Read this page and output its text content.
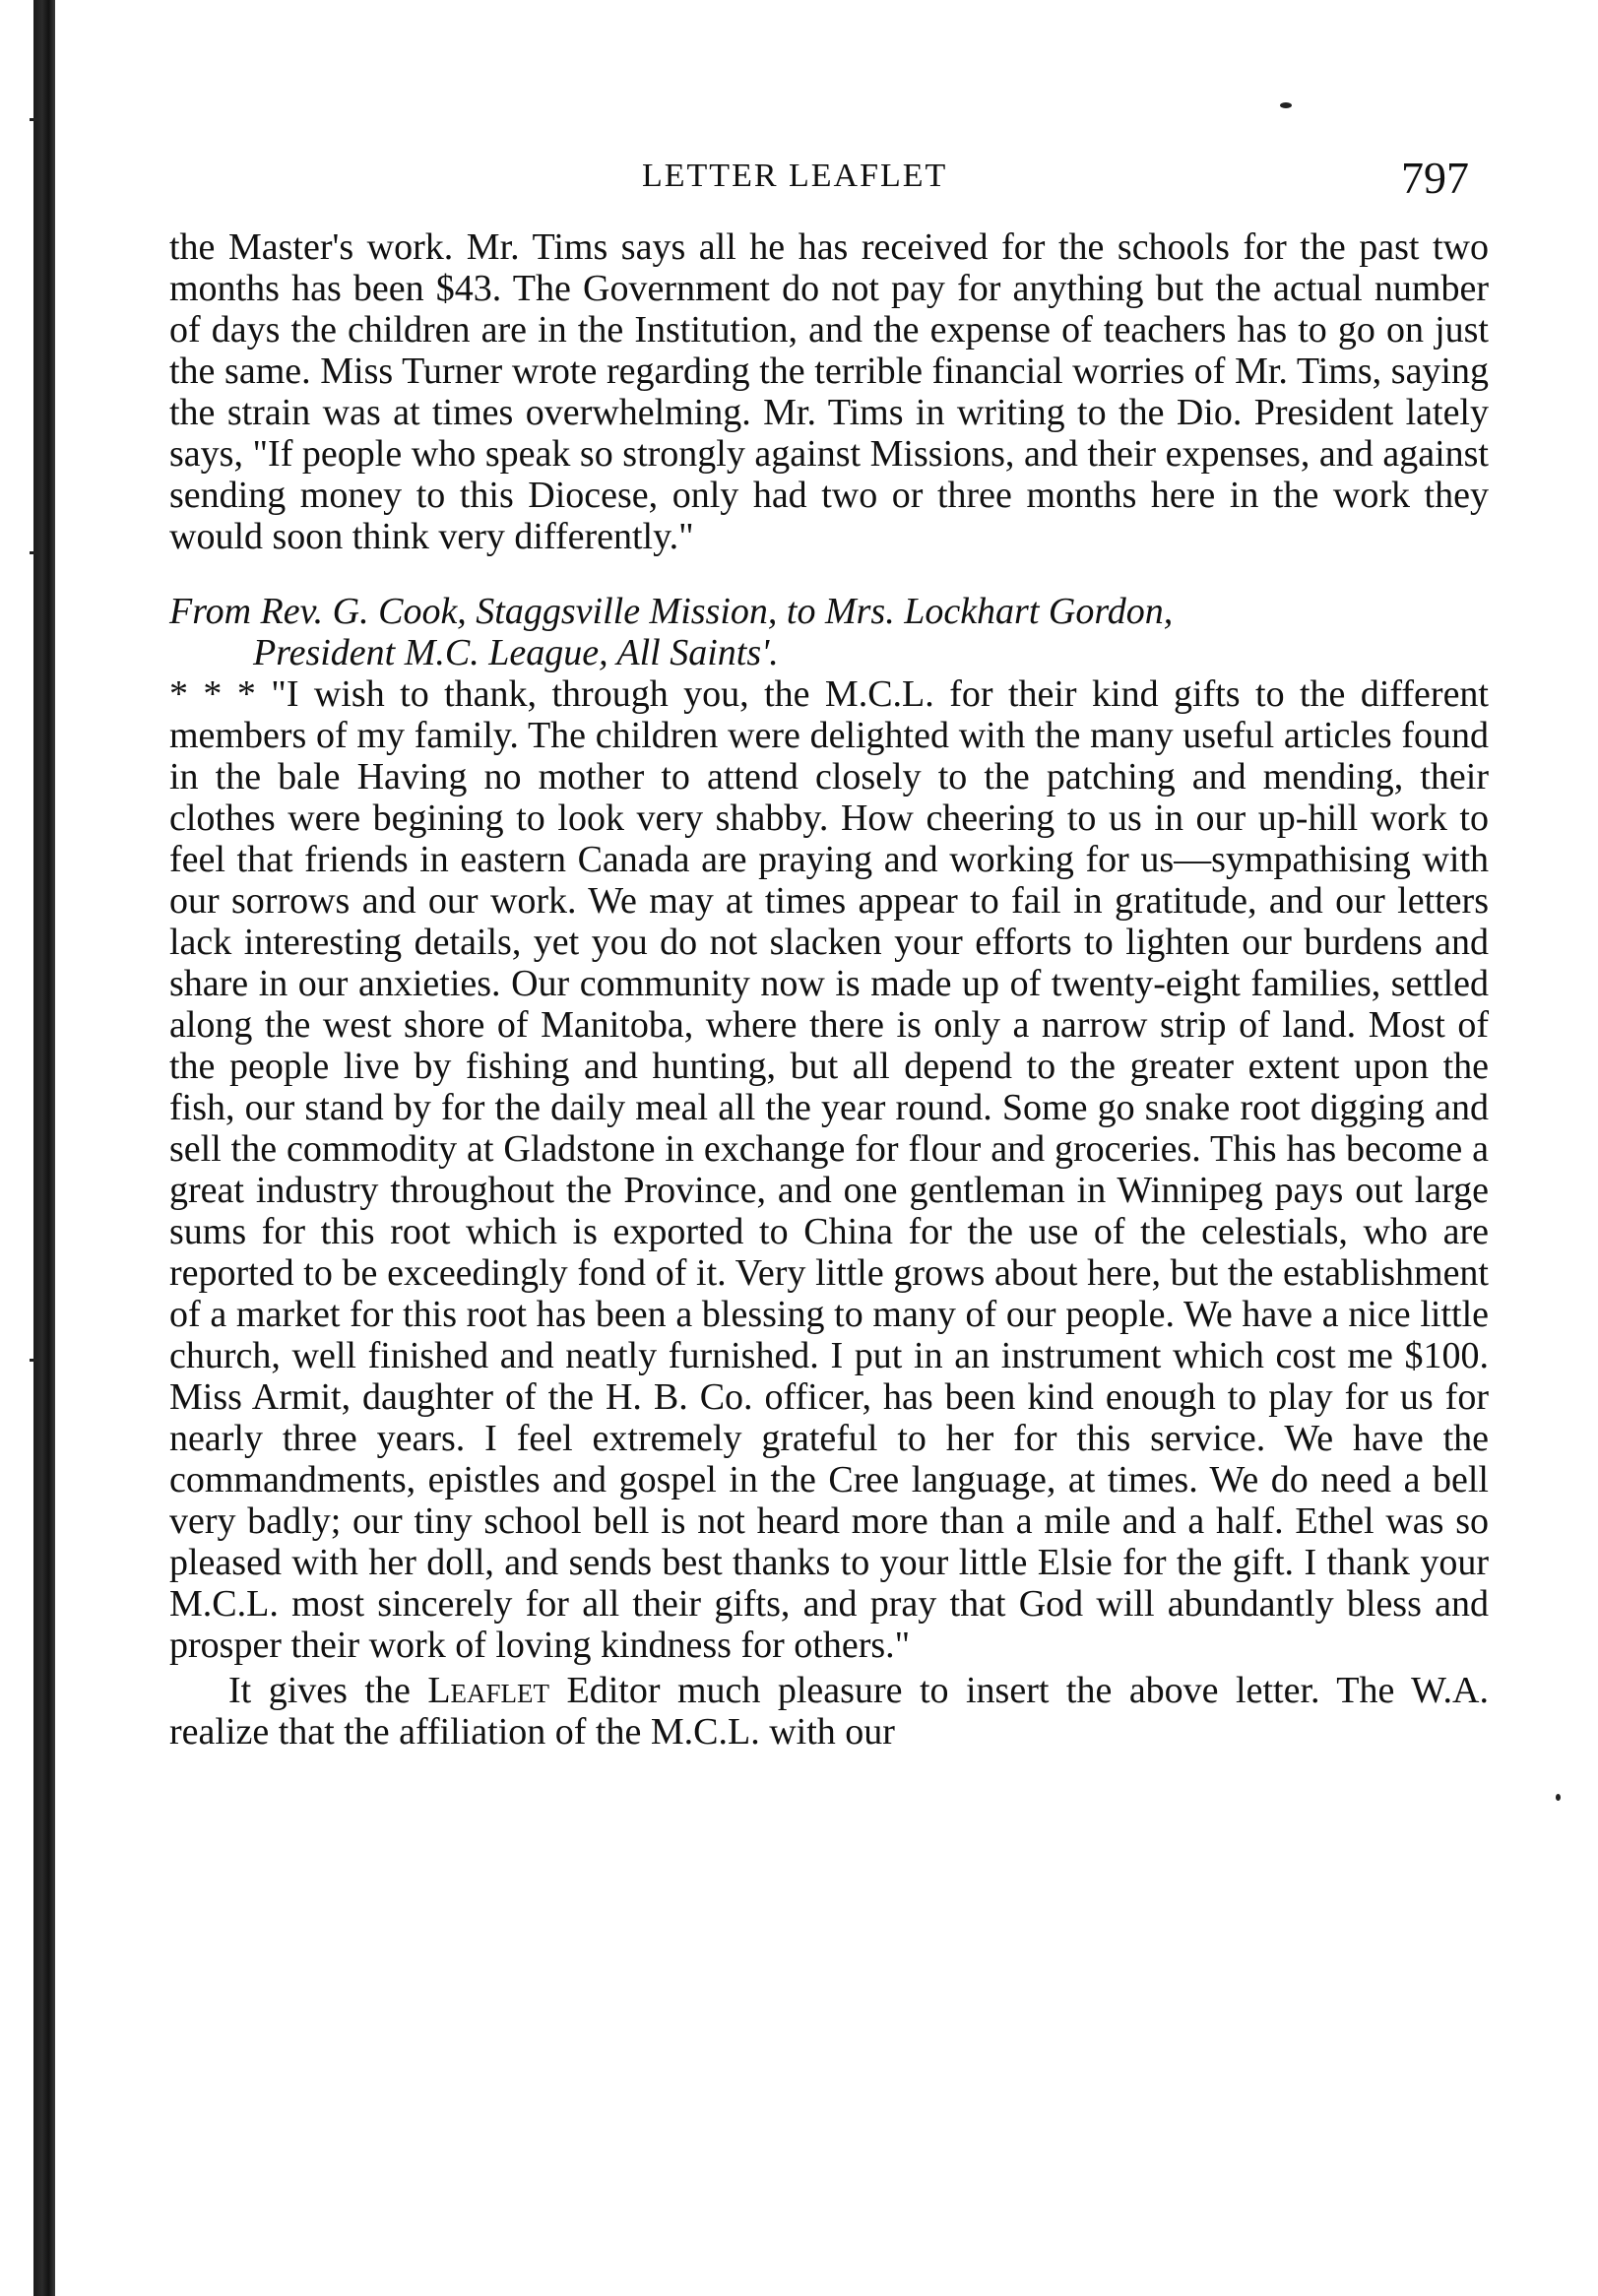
LETTER LEAFLET	797

the Master's work. Mr. Tims says all he has received for the schools for the past two months has been $43. The Government do not pay for anything but the actual number of days the children are in the Institution, and the expense of teachers has to go on just the same. Miss Turner wrote regarding the terrible financial worries of Mr. Tims, saying the strain was at times overwhelming. Mr. Tims in writing to the Dio. President lately says, "If people who speak so strongly against Missions, and their expenses, and against sending money to this Diocese, only had two or three months here in the work they would soon think very differently."

From Rev. G. Cook, Staggsville Mission, to Mrs. Lockhart Gordon,
President M.C. League, All Saints'.

* * * "I wish to thank, through you, the M.C.L. for their kind gifts to the different members of my family. The children were delighted with the many useful articles found in the bale Having no mother to attend closely to the patching and mending, their clothes were begining to look very shabby. How cheering to us in our up-hill work to feel that friends in eastern Canada are praying and working for us—sympathising with our sorrows and our work. We may at times appear to fail in gratitude, and our letters lack interesting details, yet you do not slacken your efforts to lighten our burdens and share in our anxieties. Our community now is made up of twenty-eight families, settled along the west shore of Manitoba, where there is only a narrow strip of land. Most of the people live by fishing and hunting, but all depend to the greater extent upon the fish, our stand by for the daily meal all the year round. Some go snake root digging and sell the commodity at Gladstone in exchange for flour and groceries. This has become a great industry throughout the Province, and one gentleman in Winnipeg pays out large sums for this root which is exported to China for the use of the celestials, who are reported to be exceedingly fond of it. Very little grows about here, but the establishment of a market for this root has been a blessing to many of our people. We have a nice little church, well finished and neatly furnished. I put in an instrument which cost me $100. Miss Armit, daughter of the H. B. Co. officer, has been kind enough to play for us for nearly three years. I feel extremely grateful to her for this service. We have the commandments, epistles and gospel in the Cree language, at times. We do need a bell very badly; our tiny school bell is not heard more than a mile and a half. Ethel was so pleased with her doll, and sends best thanks to your little Elsie for the gift. I thank your M.C.L. most sincerely for all their gifts, and pray that God will abundantly bless and prosper their work of loving kindness for others."

It gives the Leaflet Editor much pleasure to insert the above letter. The W.A. realize that the affiliation of the M.C.L. with our
